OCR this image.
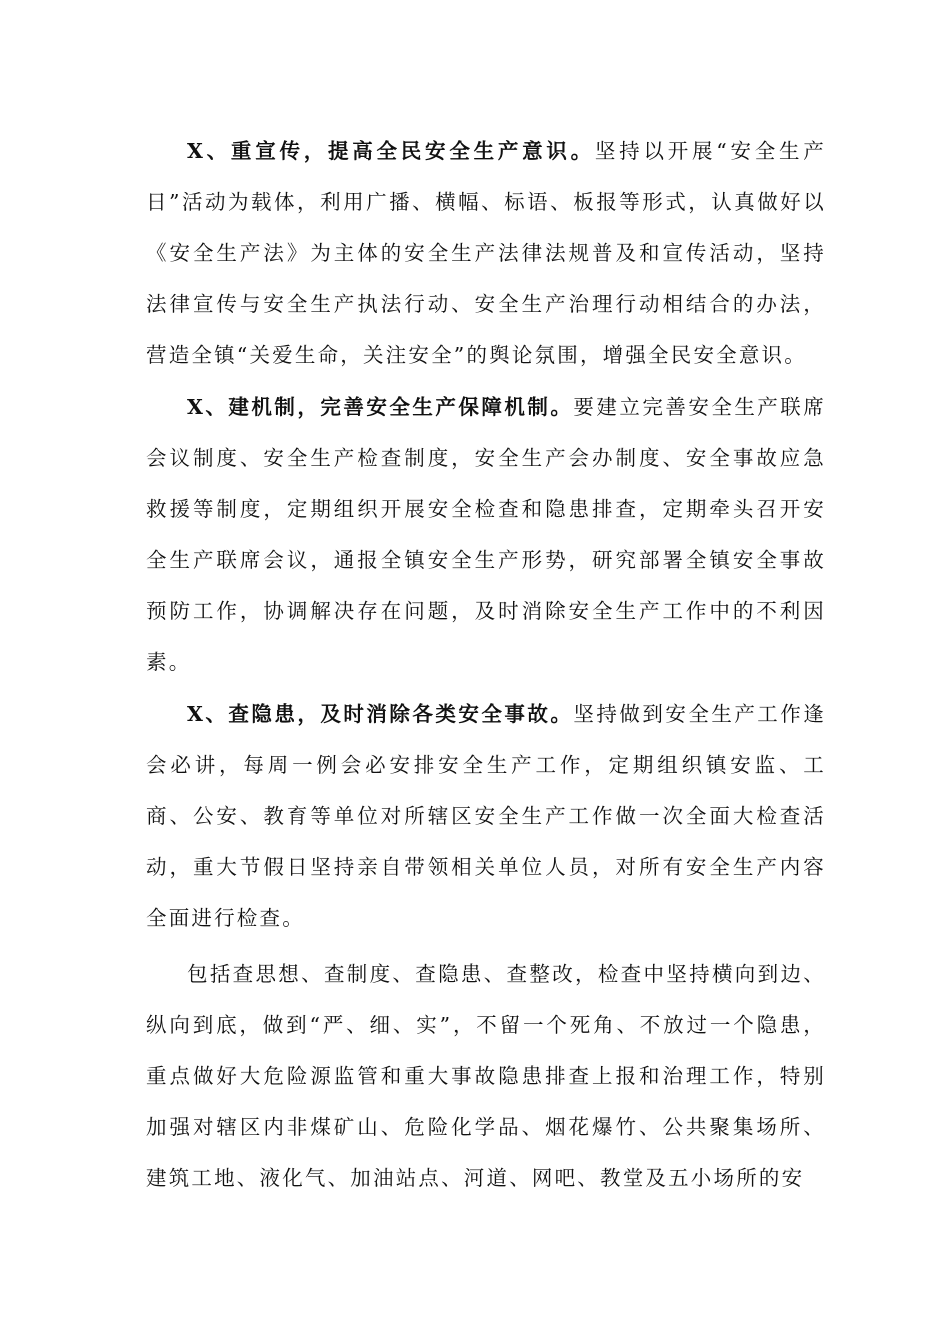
X、重宣传，提高全民安全生产意识。坚持以开展“安全生产日”活动为载体，利用广播、横幅、标语、板报等形式，认真做好以《安全生产法》为主体的安全生产法律法规普及和宣传活动，坚持法律宣传与安全生产执法行动、安全生产治理行动相结合的办法，营造全镇“关爱生命，关注安全”的舆论氛围，增强全民安全意识。

X、建机制，完善安全生产保障机制。要建立完善安全生产联席会议制度、安全生产检查制度，安全生产会办制度、安全事故应急救援等制度，定期组织开展安全检查和隐患排查，定期牵头召开安全生产联席会议，通报全镇安全生产形势，研究部署全镇安全事故预防工作，协调解决存在问题，及时消除安全生产工作中的不利因素。

X、查隐患，及时消除各类安全事故。坚持做到安全生产工作逢会必讲，每周一例会必安排安全生产工作，定期组织镇安监、工商、公安、教育等单位对所辖区安全生产工作做一次全面大检查活动，重大节假日坚持亲自带领相关单位人员，对所有安全生产内容全面进行检查。

包括查思想、查制度、查隐患、查整改，检查中坚持横向到边、纵向到底，做到“严、细、实”，不留一个死角、不放过一个隐患，重点做好大危险源监管和重大事故隐患排查上报和治理工作，特别加强对辖区内非煤矿山、危险化学品、烟花爆竹、公共聚集场所、建筑工地、液化气、加油站点、河道、网吧、教堂及五小场所的安
